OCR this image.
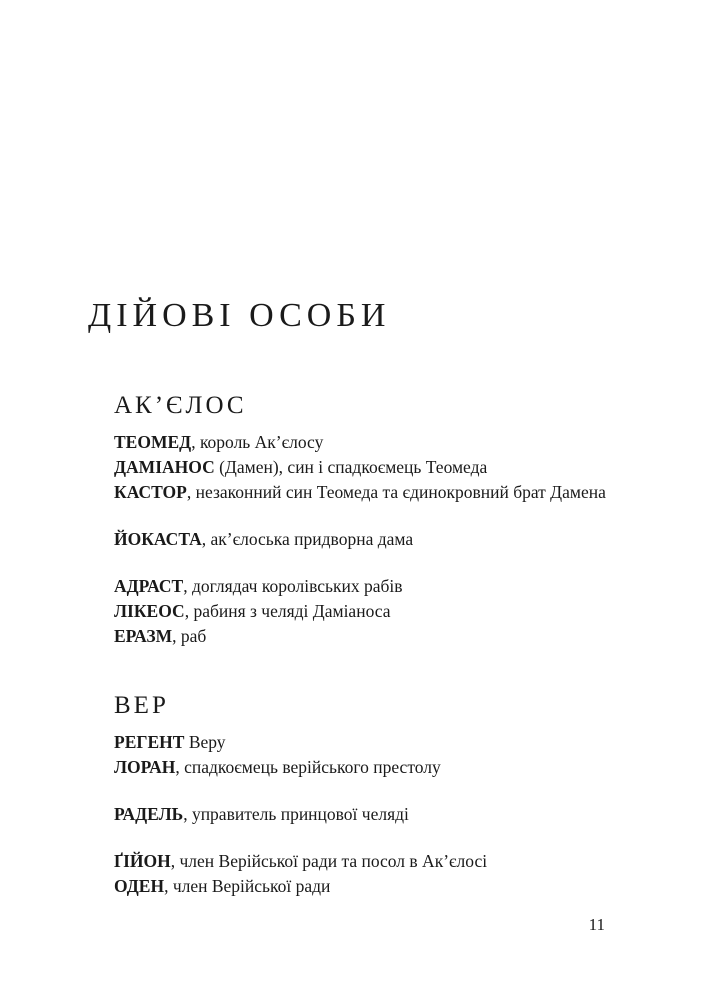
ДІЙОВІ ОСОБИ
АК’ЄЛОС

ТЕОМЕД, король Ак’єлосу

ДАМІАНОС (Дамен), син і спадкоємець Теомеда

КАСТОР, незаконний син Теомеда та єдинокровний брат Дамена

ЙОКАСТА, ак’єлоська придворна дама

АДРАСТ, доглядач королівських рабів

ЛІКЕОС, рабиня з челяді Даміаноса

ЕРАЗМ, раб

ВЕР

РЕГЕНТ Веру

ЛОРАН, спадкоємець верійського престолу

РАДЕЛЬ, управитель принцової челяді

ҐІЙОН, член Верійської ради та посол в Ак’єлосі

ОДЕН, член Верійської ради

11
